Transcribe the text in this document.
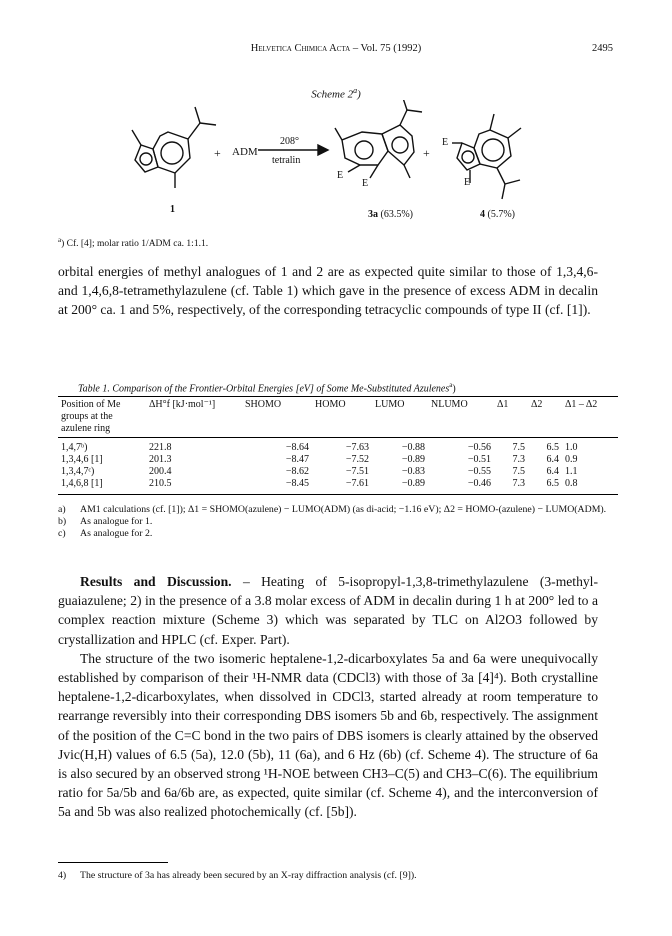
Helvetica Chimica Acta – Vol. 75 (1992)	2495
Scheme $2^a$)
+ ADM
208°
tetralin
E
E
+
E
E
1	3a (63.5%)	4 (5.7%)
$^a$) Cf. [4]; molar ratio 1/ADM ca. 1:1.1.

orbital energies of methyl analogues of 1 and 2 are as expected quite similar to those of 1,3,4,6- and 1,4,6,8-tetramethylazulene (cf. Table 1) which gave in the presence of excess ADM in decalin at 200° ca. 1 and 5%, respectively, of the corresponding tetracyclic compounds of type II (cf. [1]).

Table 1. Comparison of the Frontier-Orbital Energies [eV] of Some Me-Substituted Azulenes$^a$)
Position of Me groups at the azulene ring	ΔH°f [kJ·mol⁻¹]	SHOMO	HOMO	LUMO	NLUMO	Δ1	Δ2	Δ1 – Δ2
1,4,7ᵇ)	221.8	−8.64	−7.63	−0.88	−0.56	7.5	6.5	1.0
1,3,4,6 [1]	201.3	−8.47	−7.52	−0.89	−0.51	7.3	6.4	0.9
1,3,4,7ᶜ)	200.4	−8.62	−7.51	−0.83	−0.55	7.5	6.4	1.1
1,4,6,8 [1]	210.5	−8.45	−7.61	−0.89	−0.46	7.3	6.5	0.8
a)	AM1 calculations (cf. [1]); Δ1 = SHOMO(azulene) − LUMO(ADM) (as di-acid; −1.16 eV); Δ2 = HOMO-(azulene) − LUMO(ADM).
b)	As analogue for 1.
c)	As analogue for 2.

Results and Discussion. – Heating of 5-isopropyl-1,3,8-trimethylazulene (3-methyl-guaiazulene; 2) in the presence of a 3.8 molar excess of ADM in decalin during 1 h at 200° led to a complex reaction mixture (Scheme 3) which was separated by TLC on Al2O3 followed by crystallization and HPLC (cf. Exper. Part).

The structure of the two isomeric heptalene-1,2-dicarboxylates 5a and 6a were unequivocally established by comparison of their ¹H-NMR data (CDCl3) with those of 3a [4]⁴). Both crystalline heptalene-1,2-dicarboxylates, when dissolved in CDCl3, started already at room temperature to rearrange reversibly into their corresponding DBS isomers 5b and 6b, respectively. The assignment of the position of the C=C bond in the two pairs of DBS isomers is clearly attained by the observed Jvic(H,H) values of 6.5 (5a), 12.0 (5b), 11 (6a), and 6 Hz (6b) (cf. Scheme 4). The structure of 6a is also secured by an observed strong ¹H-NOE between CH3–C(5) and CH3–C(6). The equilibrium ratio for 5a/5b and 6a/6b are, as expected, quite similar (cf. Scheme 4), and the interconversion of 5a and 5b was also realized photochemically (cf. [5b]).

4) The structure of 3a has already been secured by an X-ray diffraction analysis (cf. [9]).
